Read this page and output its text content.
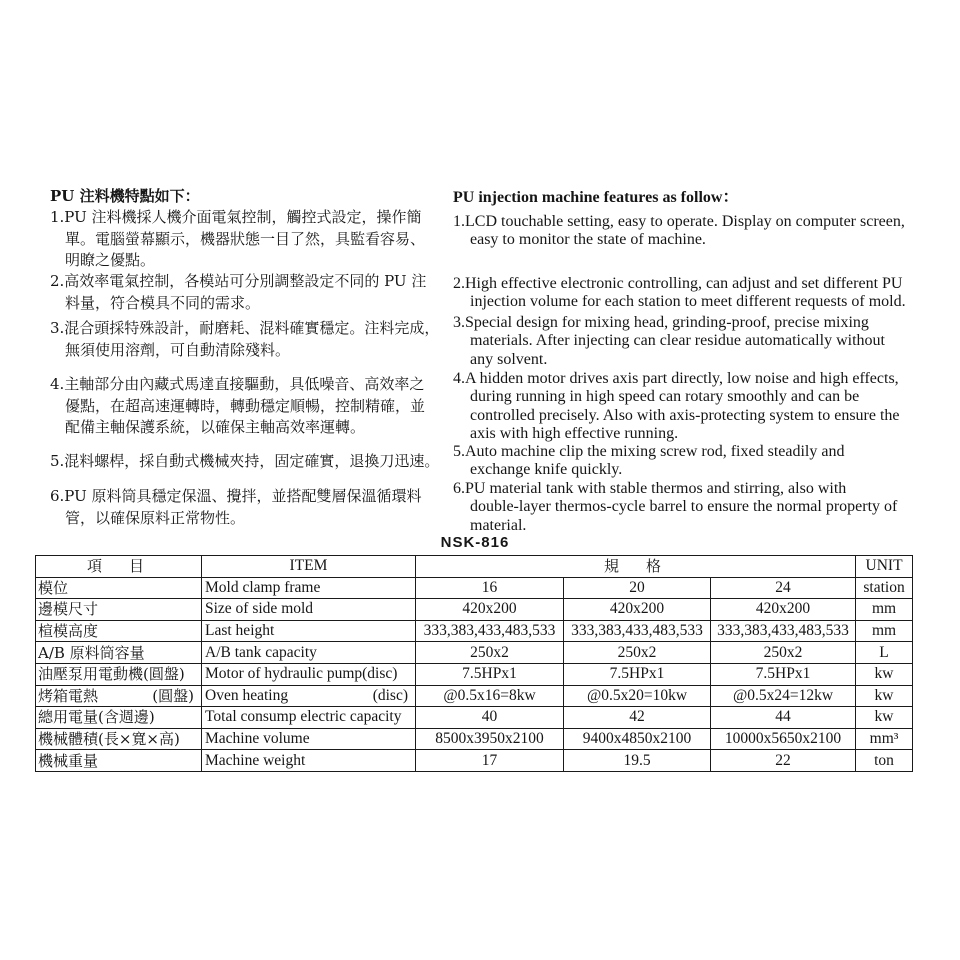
PU 注料機特點如下：
1.PU 注料機採人機介面電氣控制，觸控式設定，操作簡
單。電腦螢幕顯示，機器狀態一目了然，具監看容易、
明瞭之優點。
2.高效率電氣控制，各模站可分別調整設定不同的 PU 注
料量，符合模具不同的需求。
3.混合頭採特殊設計，耐磨耗、混料確實穩定。注料完成，
無須使用溶劑，可自動清除殘料。
4.主軸部分由內藏式馬達直接驅動，具低噪音、高效率之
優點，在超高速運轉時，轉動穩定順暢，控制精確，並
配備主軸保護系統，以確保主軸高效率運轉。
5.混料螺桿，採自動式機械夾持，固定確實，退換刀迅速。
6.PU 原料筒具穩定保溫、攪拌，並搭配雙層保溫循環料
管，以確保原料正常物性。
PU injection machine features as follow：
1.LCD touchable setting, easy to operate. Display on computer screen,
easy to monitor the state of machine.
2.High effective electronic controlling, can adjust and set different PU
injection volume for each station to meet different requests of mold.
3.Special design for mixing head, grinding-proof, precise mixing
materials. After injecting can clear residue automatically without
any solvent.
4.A hidden motor drives axis part directly, low noise and high effects,
during running in high speed can rotary smoothly and can be
controlled precisely. Also with axis-protecting system to ensure the
axis with high effective running.
5.Auto machine clip the mixing screw rod, fixed steadily and
exchange knife quickly.
6.PU material tank with stable thermos and stirring, also with
double-layer thermos-cycle barrel to ensure the normal property of
material.
NSK-816
項　目	ITEM	規　格			UNIT
模位	Mold clamp frame	16	20	24	station
邊模尺寸	Size of side mold	420x200	420x200	420x200	mm
楦模高度	Last height	333,383,433,483,533	333,383,433,483,533	333,383,433,483,533	mm
A/B 原料筒容量	A/B tank capacity	250x2	250x2	250x2	L
油壓泵用電動機(圓盤)	Motor of hydraulic pump(disc)	7.5HPx1	7.5HPx1	7.5HPx1	kw

烤箱電熱 (圓盤)	Oven heating (disc)	@0.5x16=8kw	@0.5x20=10kw	@0.5x24=12kw	kw
總用電量(含週邊)	Total consump electric capacity	40	42	44	kw
機械體積(長×寬×高)	Machine volume	8500x3950x2100	9400x4850x2100	10000x5650x2100	mm³
機械重量	Machine weight	17	19.5	22	ton
